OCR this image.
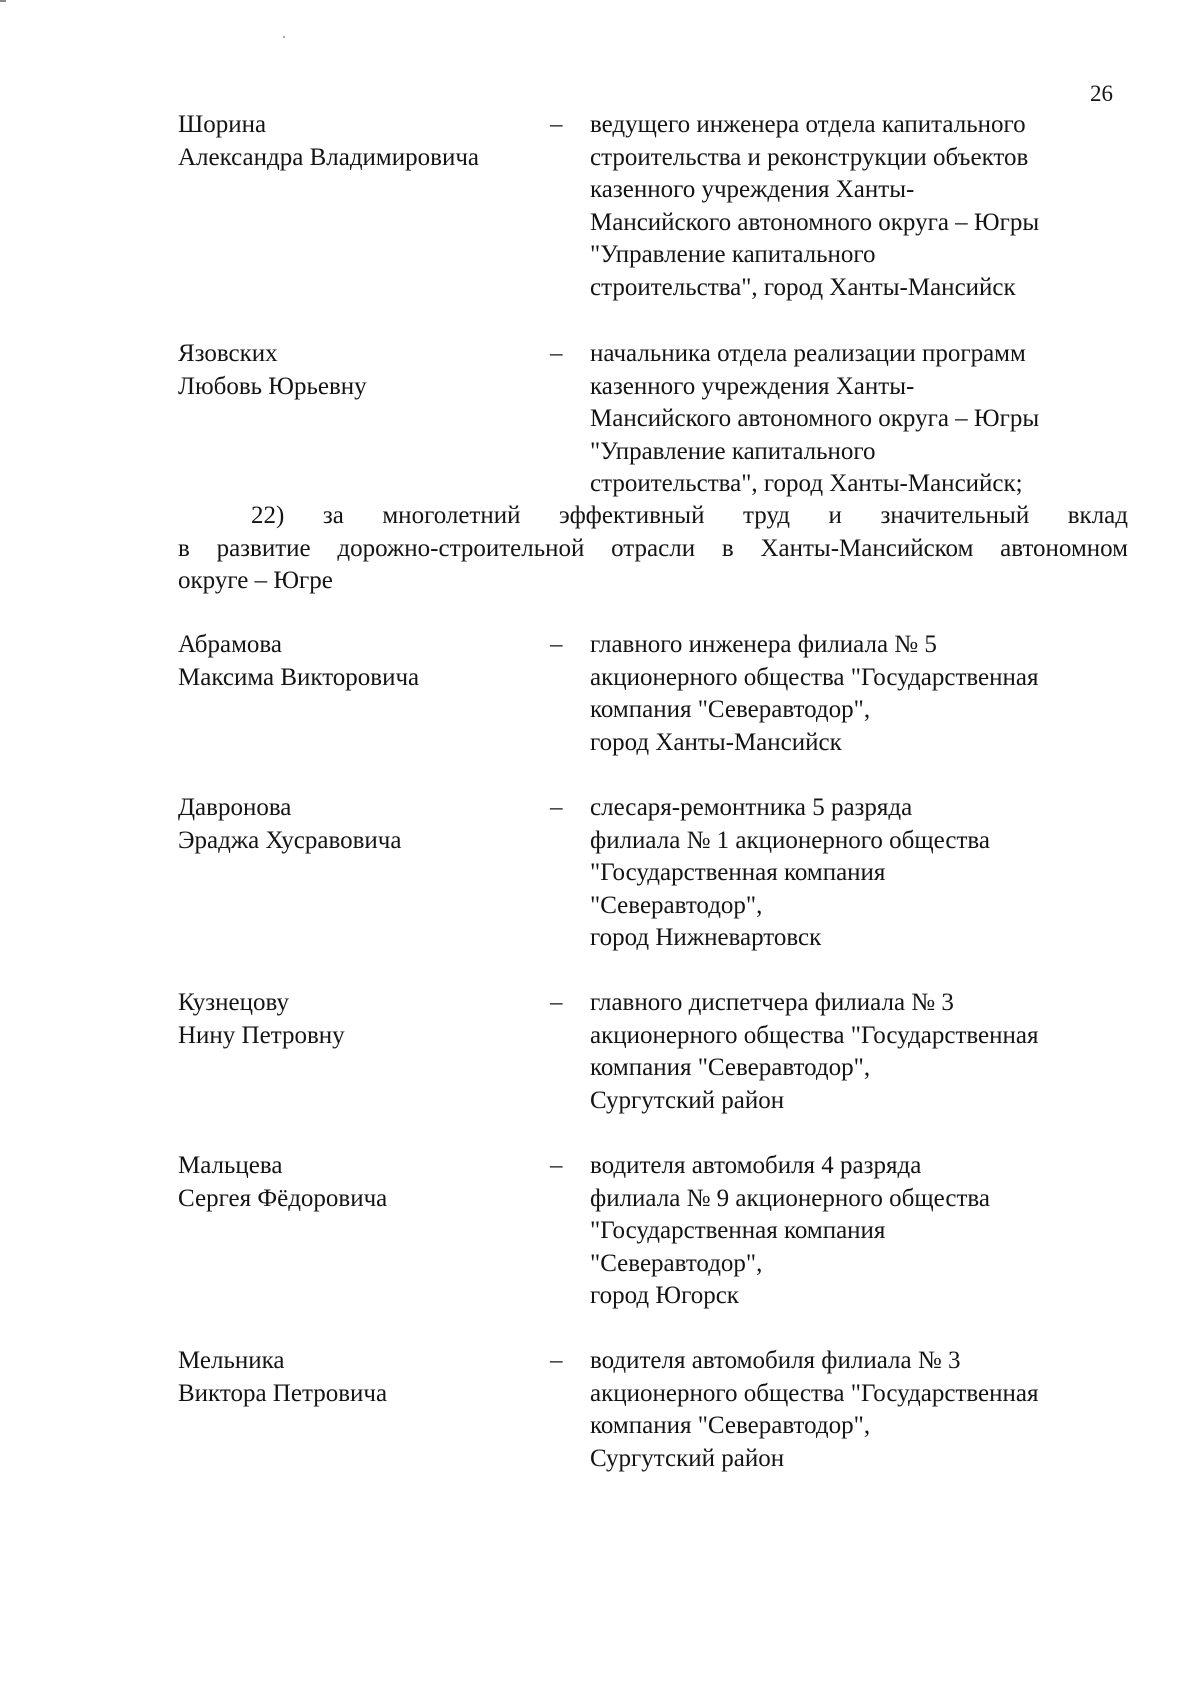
26
Шорина
Александра Владимировича
– ведущего инженера отдела капитального
строительства и реконструкции объектов
казенного учреждения Ханты-
Мансийского автономного округа – Югры
"Управление капитального
строительства", город Ханты-Мансийск
Язовских
Любовь Юрьевну
– начальника отдела реализации программ
казенного учреждения Ханты-
Мансийского автономного округа – Югры
"Управление капитального
строительства", город Ханты-Мансийск;
22) за многолетний эффективный труд и значительный вклад
в развитие дорожно-строительной отрасли в Ханты-Мансийском автономном
округе – Югре
Абрамова
Максима Викторовича
– главного инженера филиала № 5
акционерного общества "Государственная
компания "Северавтодор",
город Ханты-Мансийск
Давронова
Эраджа Хусравовича
– слесаря-ремонтника 5 разряда
филиала № 1 акционерного общества
"Государственная компания
"Северавтодор",
город Нижневартовск
Кузнецову
Нину Петровну
– главного диспетчера филиала № 3
акционерного общества "Государственная
компания "Северавтодор",
Сургутский район
Мальцева
Сергея Фёдоровича
– водителя автомобиля 4 разряда
филиала № 9 акционерного общества
"Государственная компания
"Северавтодор",
город Югорск
Мельника
Виктора Петровича
– водителя автомобиля филиала № 3
акционерного общества "Государственная
компания "Северавтодор",
Сургутский район
